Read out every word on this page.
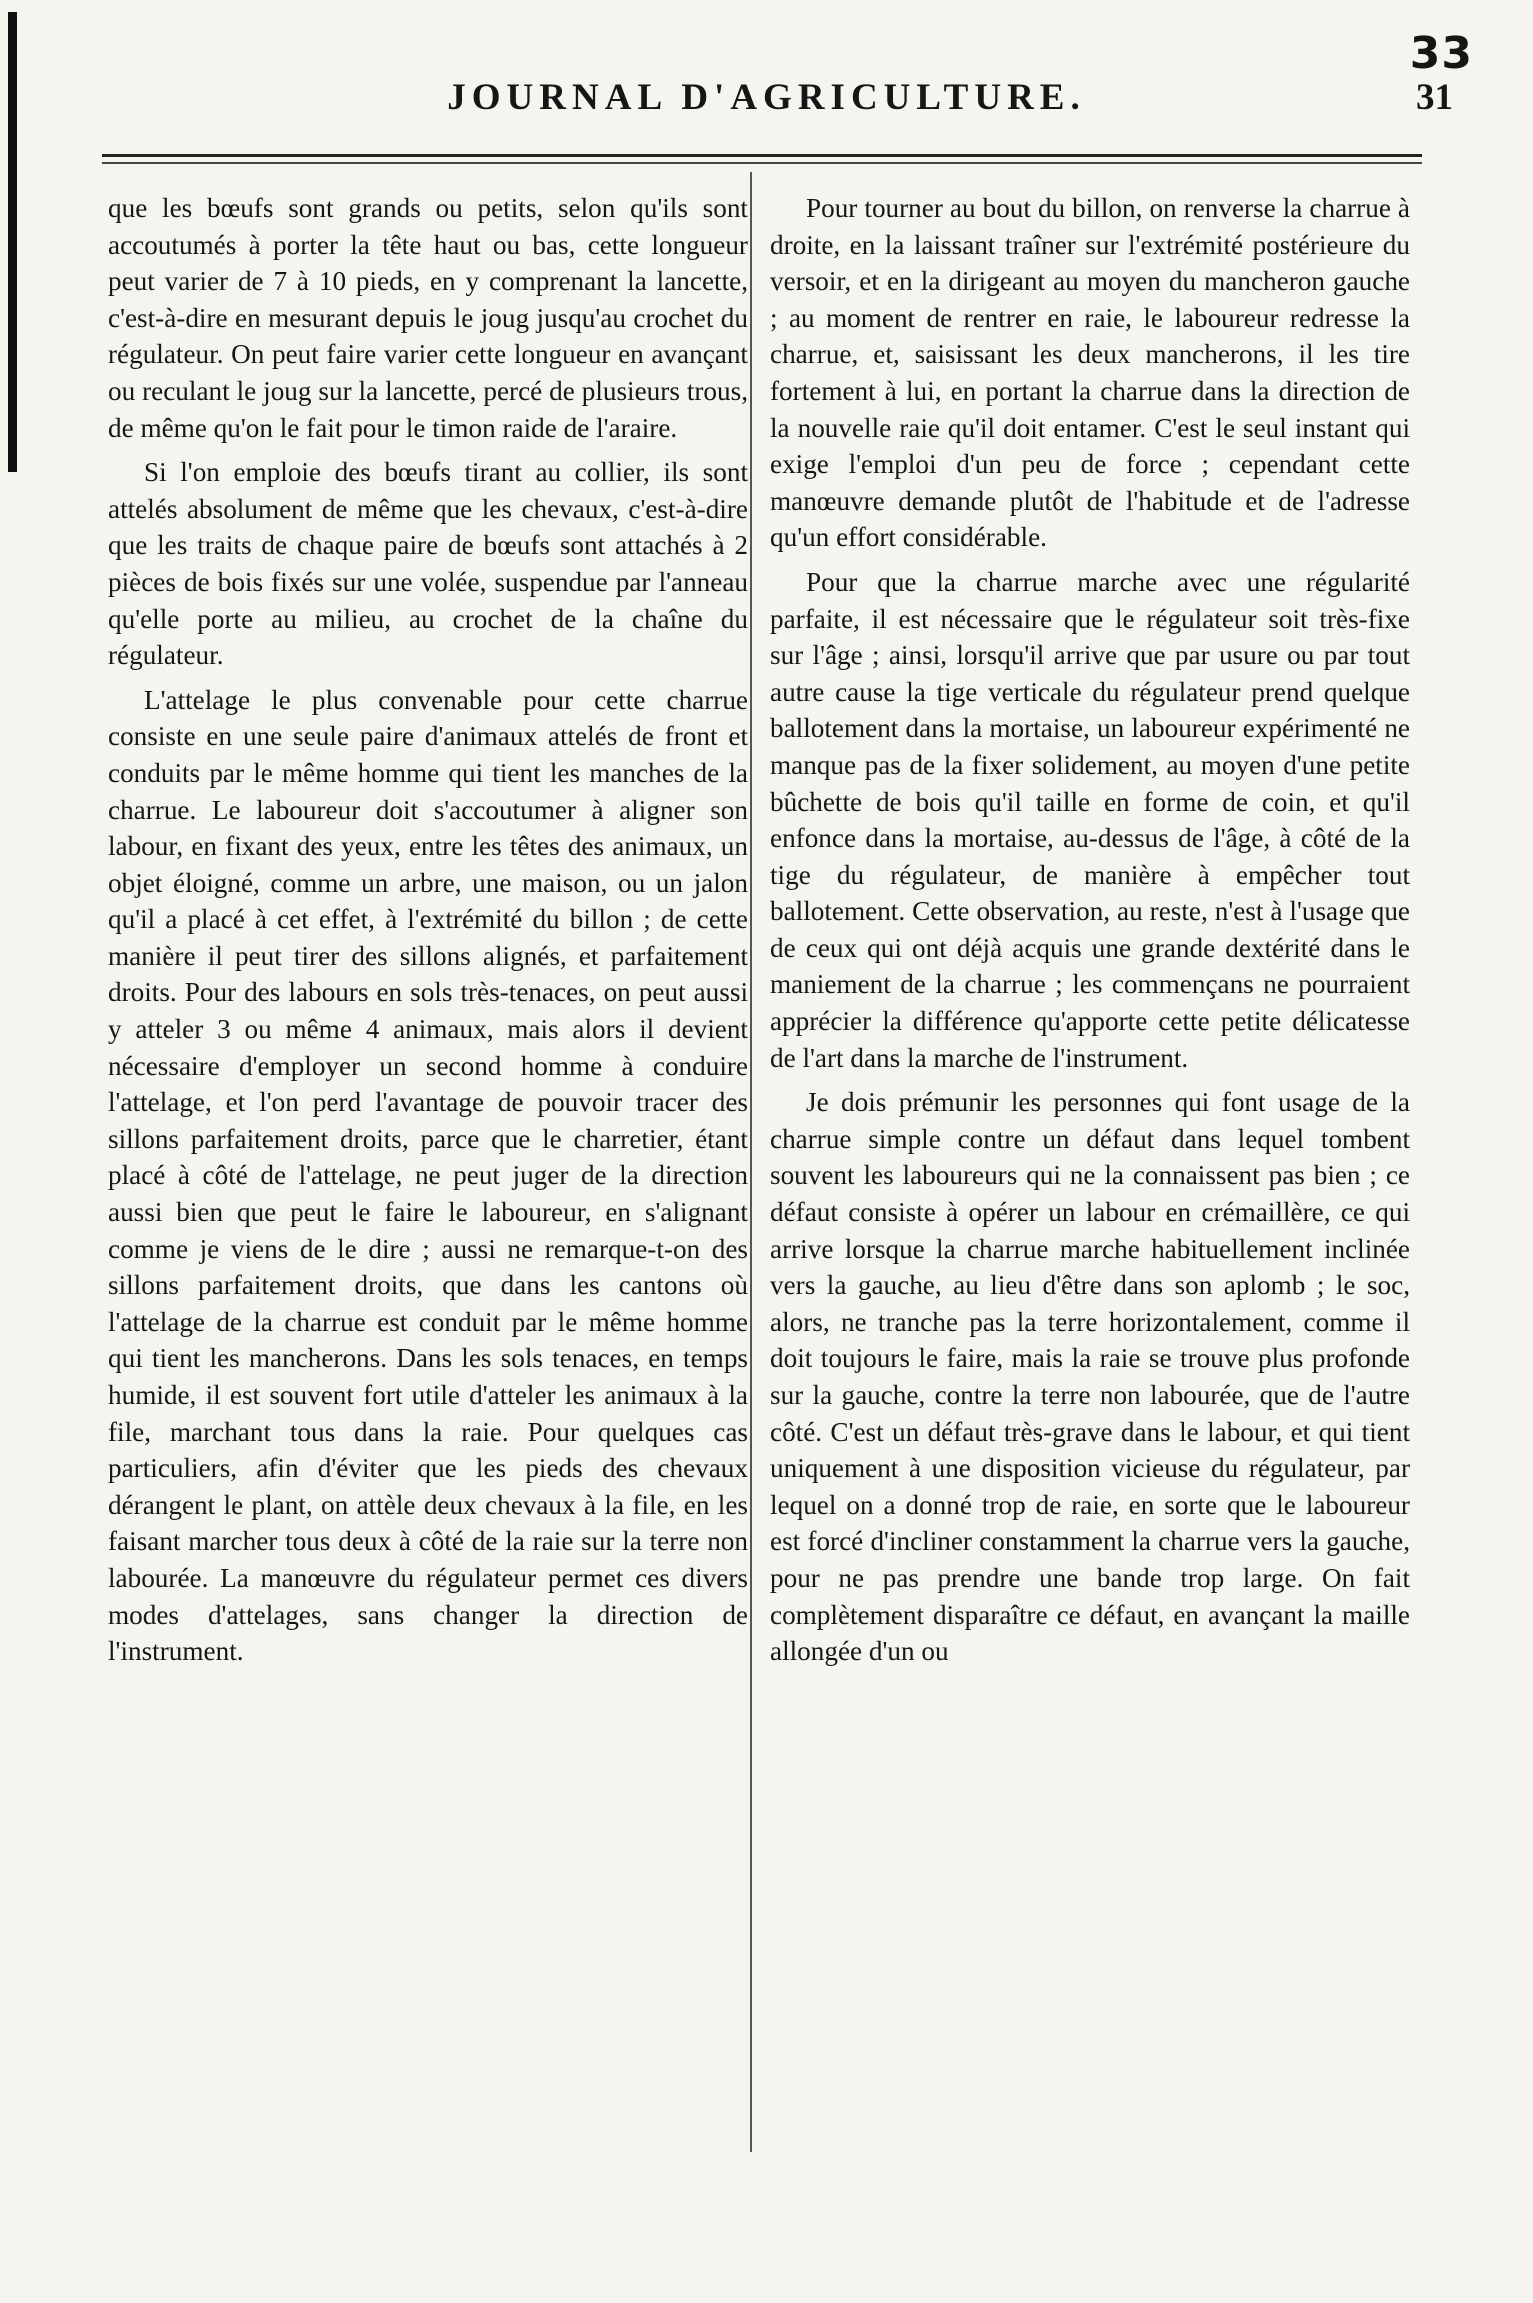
33
JOURNAL D'AGRICULTURE.	31

que les bœufs sont grands ou petits, selon qu'ils sont accoutumés à porter la tête haut ou bas, cette longueur peut varier de 7 à 10 pieds, en y comprenant la lancette, c'est-à-dire en mesurant depuis le joug jusqu'au crochet du régulateur. On peut faire varier cette longueur en avançant ou reculant le joug sur la lancette, percé de plusieurs trous, de même qu'on le fait pour le timon raide de l'araire.

Si l'on emploie des bœufs tirant au collier, ils sont attelés absolument de même que les chevaux, c'est-à-dire que les traits de chaque paire de bœufs sont attachés à 2 pièces de bois fixés sur une volée, suspendue par l'anneau qu'elle porte au milieu, au crochet de la chaîne du régulateur.

L'attelage le plus convenable pour cette charrue consiste en une seule paire d'animaux attelés de front et conduits par le même homme qui tient les manches de la charrue. Le laboureur doit s'accoutumer à aligner son labour, en fixant des yeux, entre les têtes des animaux, un objet éloigné, comme un arbre, une maison, ou un jalon qu'il a placé à cet effet, à l'extrémité du billon ; de cette manière il peut tirer des sillons alignés, et parfaitement droits. Pour des labours en sols très-tenaces, on peut aussi y atteler 3 ou même 4 animaux, mais alors il devient nécessaire d'employer un second homme à conduire l'attelage, et l'on perd l'avantage de pouvoir tracer des sillons parfaitement droits, parce que le charretier, étant placé à côté de l'attelage, ne peut juger de la direction aussi bien que peut le faire le laboureur, en s'alignant comme je viens de le dire ; aussi ne remarque-t-on des sillons parfaitement droits, que dans les cantons où l'attelage de la charrue est conduit par le même homme qui tient les mancherons. Dans les sols tenaces, en temps humide, il est souvent fort utile d'atteler les animaux à la file, marchant tous dans la raie. Pour quelques cas particuliers, afin d'éviter que les pieds des chevaux dérangent le plant, on attèle deux chevaux à la file, en les faisant marcher tous deux à côté de la raie sur la terre non labourée. La manœuvre du régulateur permet ces divers modes d'attelages, sans changer la direction de l'instrument.

Pour tourner au bout du billon, on renverse la charrue à droite, en la laissant traîner sur l'extrémité postérieure du versoir, et en la dirigeant au moyen du mancheron gauche ; au moment de rentrer en raie, le laboureur redresse la charrue, et, saisissant les deux mancherons, il les tire fortement à lui, en portant la charrue dans la direction de la nouvelle raie qu'il doit entamer. C'est le seul instant qui exige l'emploi d'un peu de force ; cependant cette manœuvre demande plutôt de l'habitude et de l'adresse qu'un effort considérable.

Pour que la charrue marche avec une régularité parfaite, il est nécessaire que le régulateur soit très-fixe sur l'âge ; ainsi, lorsqu'il arrive que par usure ou par tout autre cause la tige verticale du régulateur prend quelque ballotement dans la mortaise, un laboureur expérimenté ne manque pas de la fixer solidement, au moyen d'une petite bûchette de bois qu'il taille en forme de coin, et qu'il enfonce dans la mortaise, au-dessus de l'âge, à côté de la tige du régulateur, de manière à empêcher tout ballotement. Cette observation, au reste, n'est à l'usage que de ceux qui ont déjà acquis une grande dextérité dans le maniement de la charrue ; les commençans ne pourraient apprécier la différence qu'apporte cette petite délicatesse de l'art dans la marche de l'instrument.

Je dois prémunir les personnes qui font usage de la charrue simple contre un défaut dans lequel tombent souvent les laboureurs qui ne la connaissent pas bien ; ce défaut consiste à opérer un labour en crémaillère, ce qui arrive lorsque la charrue marche habituellement inclinée vers la gauche, au lieu d'être dans son aplomb ; le soc, alors, ne tranche pas la terre horizontalement, comme il doit toujours le faire, mais la raie se trouve plus profonde sur la gauche, contre la terre non labourée, que de l'autre côté. C'est un défaut très-grave dans le labour, et qui tient uniquement à une disposition vicieuse du régulateur, par lequel on a donné trop de raie, en sorte que le laboureur est forcé d'incliner constamment la charrue vers la gauche, pour ne pas prendre une bande trop large. On fait complètement disparaître ce défaut, en avançant la maille allongée d'un ou
